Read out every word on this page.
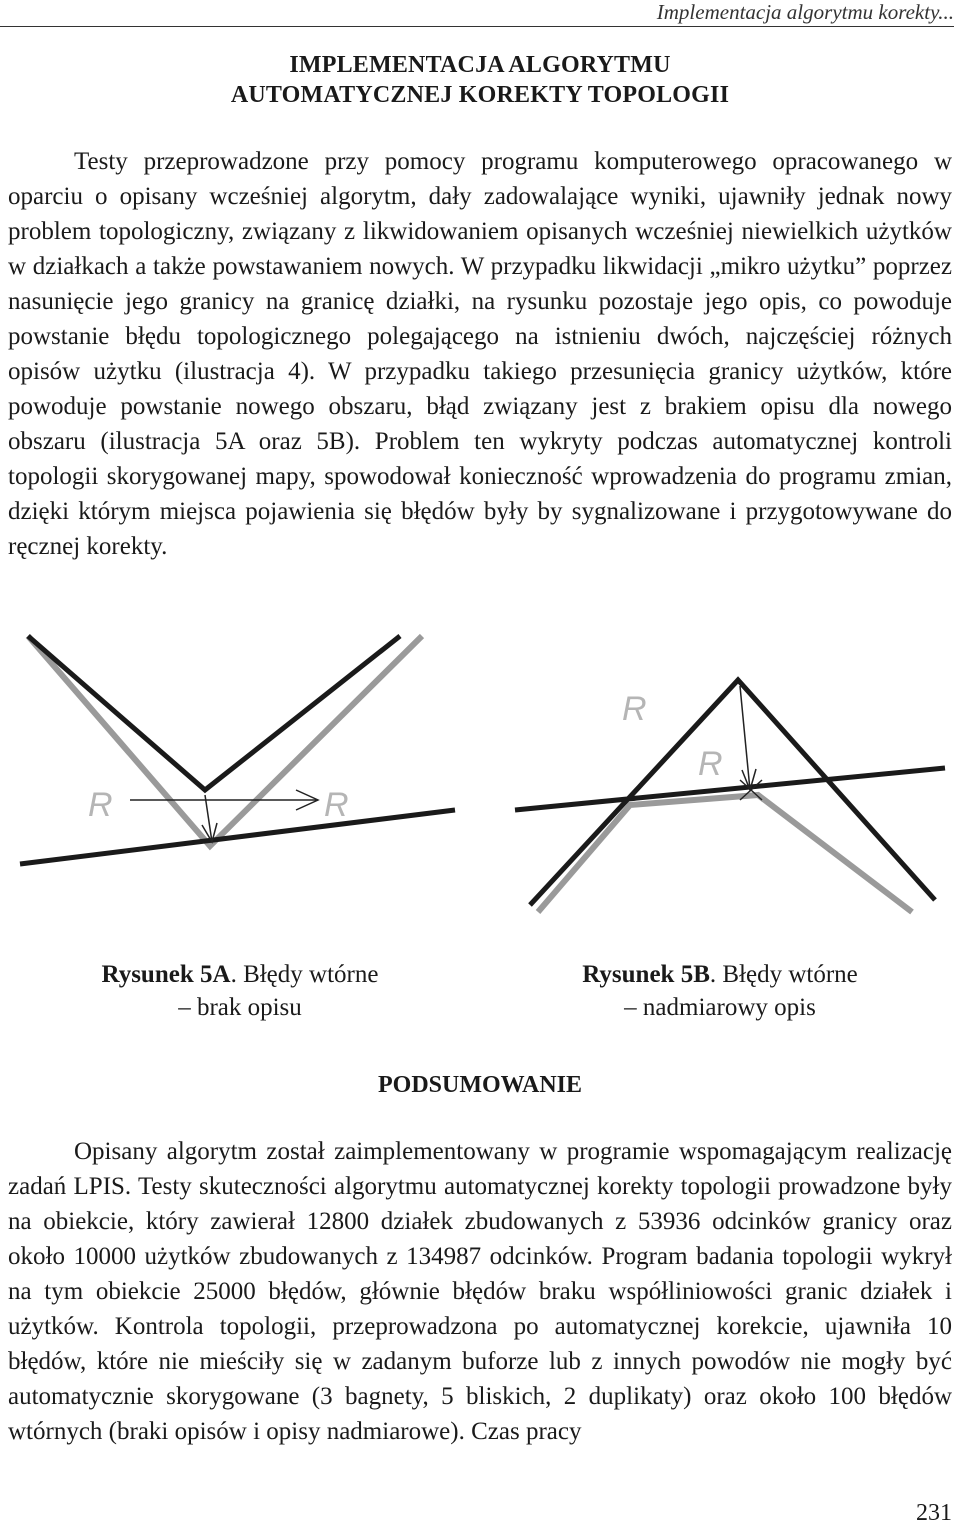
Implementacja algorytmu korekty...
IMPLEMENTACJA ALGORYTMU
AUTOMATYCZNEJ KOREKTY TOPOLOGII

Testy przeprowadzone przy pomocy programu komputerowego opracowanego w oparciu o opisany wcześniej algorytm, dały zadowalające wyniki, ujawniły jednak nowy problem topologiczny, związany z likwidowaniem opisanych wcześniej niewielkich użytków w działkach a także powstawaniem nowych. W przypadku likwidacji „mikro użytku” poprzez nasunięcie jego granicy na granicę działki, na rysunku pozostaje jego opis, co powoduje powstanie błędu topologicznego polegającego na istnieniu dwóch, najczęściej różnych opisów użytku (ilustracja 4). W przypadku takiego przesunięcia granicy użytków, które powoduje powstanie nowego obszaru, błąd związany jest z brakiem opisu dla nowego obszaru (ilustracja 5A oraz 5B). Problem ten wykryty podczas automatycznej kontroli topologii skorygowanej mapy, spowodował konieczność wprowadzenia do programu zmian, dzięki którym miejsca pojawienia się błędów były by sygnalizowane i przygotowywane do ręcznej korekty.

R	R
R
R
Rysunek 5A. Błędy wtórne
– brak opisu
Rysunek 5B. Błędy wtórne
– nadmiarowy opis
PODSUMOWANIE

Opisany algorytm został zaimplementowany w programie wspomagającym realizację zadań LPIS. Testy skuteczności algorytmu automatycznej korekty topologii prowadzone były na obiekcie, który zawierał 12800 działek zbudowanych z 53936 odcinków granicy oraz około 10000 użytków zbudowanych z 134987 odcinków. Program badania topologii wykrył na tym obiekcie 25000 błędów, głównie błędów braku współliniowości granic działek i użytków. Kontrola topologii, przeprowadzona po automatycznej korekcie, ujawniła 10 błędów, które nie mieściły się w zadanym buforze lub z innych powodów nie mogły być automatycznie skorygowane (3 bagnety, 5 bliskich, 2 duplikaty) oraz około 100 błędów wtórnych (braki opisów i opisy nadmiarowe). Czas pracy

231
